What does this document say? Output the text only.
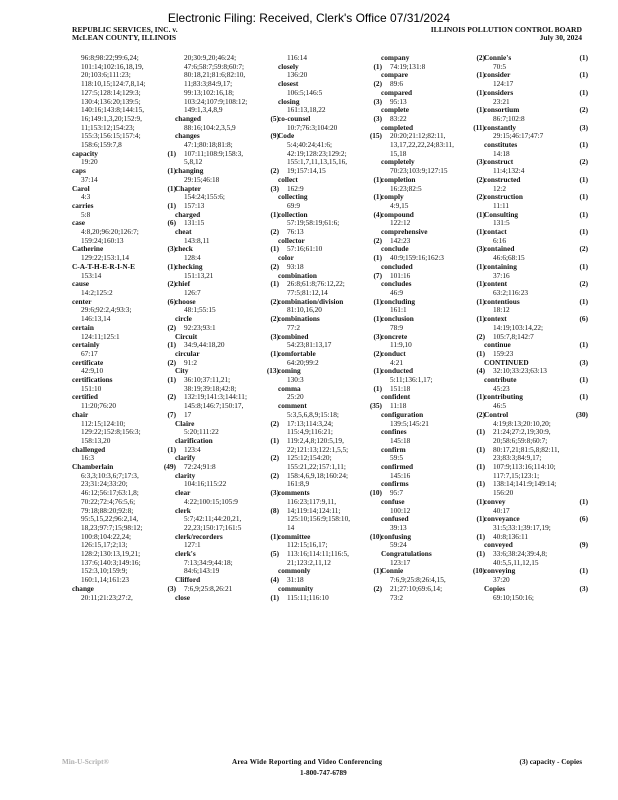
Electronic Filing: Received, Clerk's Office 07/31/2024
REPUBLIC SERVICES, INC. v.
McLEAN COUNTY, ILLINOIS
ILLINOIS POLLUTION CONTROL BOARD
July 30, 2024
96:8;98:22;99:6,24;
101:14;102:16,18,19,
20;103:6;111:23;
118:10,15;124:7,8,14;
127:5;128:14;129:3;
130:4;136:20;139:5;
140:16;143:8;144:15,
16;149:1,3,20;152:9,
11;153:12;154:23;
155:3;156:15;157:4;
158:6;159:7,8
capacity	(1)
19:20
caps	(1)
37:14
Carol	(1)
4:3
carries	(1)
5:8
case	(6)
4:8,20;96:20;126:7;
159:24;160:13
Catherine	(3)
129:22;153:1,14
C-A-T-H-E-R-I-N-E	(1)
153:14
cause	(2)
14:2;125:2
center	(6)
29:6;92:2,4;93:3;
146:13,14
certain	(2)
124:11;125:1
certainly	(1)
67:17
certificate	(2)
42:9,10
certifications	(1)
151:10
certified	(2)
11:20;76:20
chair	(7)
112:15;124:10;
129:22;152:8;156:3;
158:13,20
challenged	(1)
16:3
Chamberlain	(49)
6:3,3;10:3,6;7;17:3,
23;31:24;33:20;
46:12;56:17;63:1,8;
70:22;72:4;76:5,6;
79:18;88:20;92:8;
95:5,15,22;96:2,14,
18,23;97:7;15;98:12;
100:8;104:22,24;
126:15,17;2;13;
128:2;130:13,19,21;
137:6;140:3;149:16;
152:3,10;159:9;
160:1,14;161:23
change	(3)
20:11;21:23;27:2,
20;30:9,20;46:24;
47:6;58:7;59:8;60:7;
80:18,21;81:6;82:10,
11;83:3;84:9,17;
99:13;102:16,18;
103:24;107:9;108:12;
149:1,3,4,8,9
changed	(5)
88:16;104:2,3,5,9
changes	(9)
47:1;80:18;81:8;
107:11;108:9;158:3,
5,8,12
changing	(2)
29:15;46:18
Chapter	(3)
154:24;155:6;
157:13
charged	(1)
131:15
cheat	(2)
143:8,11
check	(1)
128:4
checking	(2)
151:13,21
chief	(1)
126:7
choose	(2)
48:1;55:15
circle	(2)
92:23;93:1
Circuit	(3)
34:9,44:18,20
circular	(1)
91:2
City	(13)
36:10;37:11,21;
38:19;39:18;42:8;
132:19;141:3;144:11;
145:8;146:7;150:17,
17
Claire	(2)
5:20;111:22
clarification	(1)
123:4
clarify	(2)
72:24;91:8
clarity	(2)
104:16;115:22
clear	(3)
4:22;100:15;105:9
clerk	(8)
5:7;42:11;44:20,21,
22,23;150:17;161:5
clerk/recorders	(1)
127:1
clerk's	(5)
7:13;34:9;44:18;
84:6;143:19
Clifford	(4)
7:6,9;25:8,26:21
close	(1)
116:14
closely	(1)
136:20
closest	(2)
106:5;146:5
closing	(3)
161:13,18,22
co-counsel	(3)
10:7;76:3;104:20
Code	(15)
5:4;40:24;41:6;
42:19;128:23;129:2;
155:1,7,11,13,15,16,
19;157:14,15
collect	(1)
162:9
collecting	(1)
69:9
collection	(4)
57:19;58:19;61:6;
76:13
collector	(2)
57:16;61:10
color	(1)
93:18
combination	(7)
26:8;61:8;76:12,22;
77:5;81:12,14
combination/division	(1)
81:10,16,20
combinations	(1)
77:2
combined	(3)
54:23;81:13,17
comfortable	(2)
64:20;99:2
coming	(1)
130:3
comma	(1)
25:20
comment	(35)
5:3,5,6,8,9;15:18;
17:13;114:3,24;
115:4,9;116:21;
119:2,4,8;120:5,19,
22;121:13;122:1,5,5;
125:12;154:20;
155:21,22;157:1,11;
158:4,6,9,18;160:24;
161:8,9
comments	(10)
116:23;117:9,11,
14;119:14;124:11;
125:10;156:9;158:10,
14
committee	(10)
112:15;16,17;
113:16;114:11;116:5,
21;123:2,11,12
commonly	(1)
31:18
community	(2)
115:11;116:10
company	(2)
74:19;131:8
compare	(1)
89:6
compared	(1)
95:13
complete	(1)
83:22
completed	(11)
20:20;21:12;82:11,
13,17,22,22,24;83:11,
15,18
completely	(3)
70:23;103:9;127:15
completion	(2)
16:23;82:5
comply	(2)
4:9,15
compound	(1)
122:12
comprehensive	(1)
142:23
conclude	(3)
40:9;159:16;162:3
concluded	(1)
101:16
concludes	(1)
46:9
concluding	(1)
161:1
conclusion	(1)
78:9
concrete	(2)
11:9,10
conduct	(1)
4:21
conducted	(4)
5:11;136:1,17;
151:18
confident	(1)
11:18
configuration	(2)
139:5;145:21
confines	(1)
145:18
confirm	(1)
59:5
confirmed	(1)
145:16
confirms	(1)
95:7
confuse	(1)
100:12
confused	(1)
39:13
confusing	(1)
59:24
Congratulations	(1)
123:17
Connie	(10)
7:6,9;25:8;26:4,15,
21;27:10;69:6,14;
73:2
Connie's	(1)
70:5
consider	(1)
124:17
considers	(1)
23:21
consortium	(2)
86:7;102:8
constantly	(3)
29:15;46:17;47:7
constitutes	(1)
14:18
construct	(2)
11:4;132:4
constructed	(1)
12:2
construction	(1)
11:11
Consulting	(1)
131:5
contact	(1)
6:16
contained	(2)
46:6;68:15
containing	(1)
37:16
content	(2)
63:2;116:23
contentious	(1)
18:12
context	(6)
14:19;103:14,22;
105:7,8;142:7
continue	(1)
159:23
CONTINUED	(3)
32:10;33:23;63:13
contribute	(1)
45:23
contributing	(1)
46:5
Control	(30)
4:19;8:13;20:10,20;
21:24;27:2,19;30:9,
20;58:6;59:8;60:7;
80:17,21;81:5,8;82:11,
23;83:3;84:9,17;
107:9;113:16;114:10;
117:7,15;123:1;
138:14;141:9;149:14;
156:20
convey	(1)
40:17
conveyance	(6)
31:5;33:1;39:17,19;
40:8;136:11
conveyed	(9)
33:6;38:24;39:4,8;
40:5,5,11,12,15
conveying	(1)
37:20
Copies	(3)
69:10;150:16;
Min-U-Script®	Area Wide Reporting and Video Conferencing
1-800-747-6789
(3) capacity - Copies
